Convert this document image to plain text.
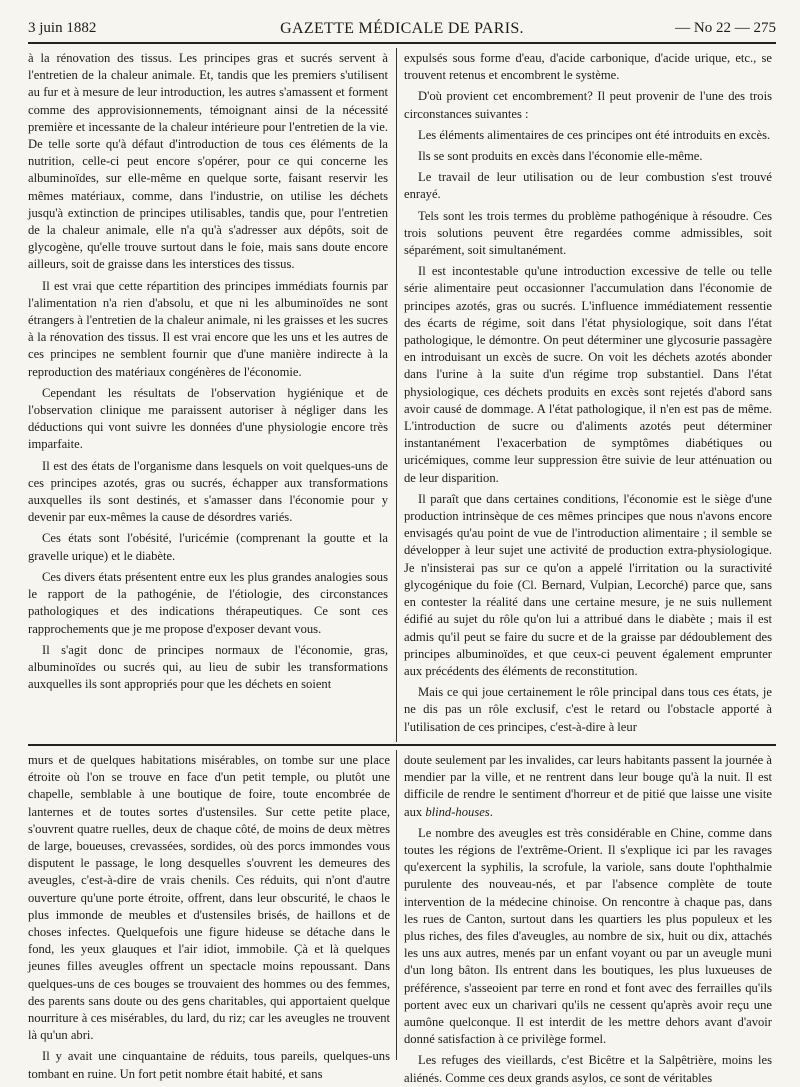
3 juin 1882	GAZETTE MÉDICALE DE PARIS.	— No 22 — 275

à la rénovation des tissus. Les principes gras et sucrés servent à l'entretien de la chaleur animale. Et, tandis que les premiers s'utilisent au fur et à mesure de leur introduction, les autres s'amassent et forment comme des approvisionnements, témoignant ainsi de la nécessité première et incessante de la chaleur intérieure pour l'entretien de la vie. De telle sorte qu'à défaut d'introduction de tous ces éléments de la nutrition, celle-ci peut encore s'opérer, pour ce qui concerne les albuminoïdes, sur elle-même en quelque sorte, faisant reservir les mêmes matériaux, comme, dans l'industrie, on utilise les déchets jusqu'à extinction de principes utilisables, tandis que, pour l'entretien de la chaleur animale, elle n'a qu'à s'adresser aux dépôts, soit de glycogène, qu'elle trouve surtout dans le foie, mais sans doute encore ailleurs, soit de graisse dans les interstices des tissus.

Il est vrai que cette répartition des principes immédiats fournis par l'alimentation n'a rien d'absolu, et que ni les albuminoïdes ne sont étrangers à l'entretien de la chaleur animale, ni les graisses et les sucres à la rénovation des tissus. Il est vrai encore que les uns et les autres de ces principes ne semblent fournir que d'une manière indirecte à la reproduction des matériaux congénères de l'économie.

Cependant les résultats de l'observation hygiénique et de l'observation clinique me paraissent autoriser à négliger dans les déductions qui vont suivre les données d'une physiologie encore très imparfaite.

Il est des états de l'organisme dans lesquels on voit quelques-uns de ces principes azotés, gras ou sucrés, échapper aux transformations auxquelles ils sont destinés, et s'amasser dans l'économie pour y devenir par eux-mêmes la cause de désordres variés.

Ces états sont l'obésité, l'uricémie (comprenant la goutte et la gravelle urique) et le diabète.

Ces divers états présentent entre eux les plus grandes analogies sous le rapport de la pathogénie, de l'étiologie, des circonstances pathologiques et des indications thérapeutiques. Ce sont ces rapprochements que je me propose d'exposer devant vous.

Il s'agit donc de principes normaux de l'économie, gras, albuminoïdes ou sucrés qui, au lieu de subir les transformations auxquelles ils sont appropriés pour que les déchets en soient

expulsés sous forme d'eau, d'acide carbonique, d'acide urique, etc., se trouvent retenus et encombrent le système.

D'où provient cet encombrement? Il peut provenir de l'une des trois circonstances suivantes :

Les éléments alimentaires de ces principes ont été introduits en excès.

Ils se sont produits en excès dans l'économie elle-même.

Le travail de leur utilisation ou de leur combustion s'est trouvé enrayé.

Tels sont les trois termes du problème pathogénique à résoudre. Ces trois solutions peuvent être regardées comme admissibles, soit séparément, soit simultanément.

Il est incontestable qu'une introduction excessive de telle ou telle série alimentaire peut occasionner l'accumulation dans l'économie de principes azotés, gras ou sucrés. L'influence immédiatement ressentie des écarts de régime, soit dans l'état physiologique, soit dans l'état pathologique, le démontre. On peut déterminer une glycosurie passagère en introduisant un excès de sucre. On voit les déchets azotés abonder dans l'urine à la suite d'un régime trop substantiel. Dans l'état physiologique, ces déchets produits en excès sont rejetés d'abord sans avoir causé de dommage. A l'état pathologique, il n'en est pas de même. L'introduction de sucre ou d'aliments azotés peut déterminer instantanément l'exacerbation de symptômes diabétiques ou uricémiques, comme leur suppression être suivie de leur atténuation ou de leur disparition.

Il paraît que dans certaines conditions, l'économie est le siège d'une production intrinsèque de ces mêmes principes que nous n'avons encore envisagés qu'au point de vue de l'introduction alimentaire ; il semble se développer à leur sujet une activité de production extra-physiologique. Je n'insisterai pas sur ce qu'on a appelé l'irritation ou la suractivité glycogénique du foie (Cl. Bernard, Vulpian, Lecorché) parce que, sans en contester la réalité dans une certaine mesure, je ne suis nullement édifié au sujet du rôle qu'on lui a attribué dans le diabète ; mais il est admis qu'il peut se faire du sucre et de la graisse par dédoublement des principes albuminoïdes, et que ceux-ci peuvent également emprunter aux précédents des éléments de reconstitution.

Mais ce qui joue certainement le rôle principal dans tous ces états, je ne dis pas un rôle exclusif, c'est le retard ou l'obstacle apporté à l'utilisation de ces principes, c'est-à-dire à leur

murs et de quelques habitations misérables, on tombe sur une place étroite où l'on se trouve en face d'un petit temple, ou plutôt une chapelle, semblable à une boutique de foire, toute encombrée de lanternes et de toutes sortes d'ustensiles. Sur cette petite place, s'ouvrent quatre ruelles, deux de chaque côté, de moins de deux mètres de large, boueuses, crevassées, sordides, où des porcs immondes vous disputent le passage, le long desquelles s'ouvrent les demeures des aveugles, c'est-à-dire de vrais chenils. Ces réduits, qui n'ont d'autre ouverture qu'une porte étroite, offrent, dans leur obscurité, le chaos le plus immonde de meubles et d'ustensiles brisés, de haillons et de choses infectes. Quelquefois une figure hideuse se détache dans le fond, les yeux glauques et l'air idiot, immobile. Çà et là quelques jeunes filles aveugles offrent un spectacle moins repoussant. Dans quelques-uns de ces bouges se trouvaient des hommes ou des femmes, des parents sans doute ou des gens charitables, qui apportaient quelque nourriture à ces misérables, du lard, du riz; car les aveugles ne trouvent là qu'un abri.

Il y avait une cinquantaine de réduits, tous pareils, quelques-uns tombant en ruine. Un fort petit nombre était habité, et sans

doute seulement par les invalides, car leurs habitants passent la journée à mendier par la ville, et ne rentrent dans leur bouge qu'à la nuit. Il est difficile de rendre le sentiment d'horreur et de pitié que laisse une visite aux blind-houses.

Le nombre des aveugles est très considérable en Chine, comme dans toutes les régions de l'extrême-Orient. Il s'explique ici par les ravages qu'exercent la syphilis, la scrofule, la variole, sans doute l'ophthalmie purulente des nouveau-nés, et par l'absence complète de toute intervention de la médecine chinoise. On rencontre à chaque pas, dans les rues de Canton, surtout dans les quartiers les plus populeux et les plus riches, des files d'aveugles, au nombre de six, huit ou dix, attachés les uns aux autres, menés par un enfant voyant ou par un aveugle muni d'un long bâton. Ils entrent dans les boutiques, les plus luxueuses de préférence, s'asseoient par terre en rond et font avec des ferrailles qu'ils portent avec eux un charivari qu'ils ne cessent qu'après avoir reçu une aumône quelconque. Il est interdit de les mettre dehors avant d'avoir donné satisfaction à ce privilège formel.

Les refuges des vieillards, c'est Bicêtre et la Salpêtrière, moins les aliénés. Comme ces deux grands asylos, ce sont de véritables
